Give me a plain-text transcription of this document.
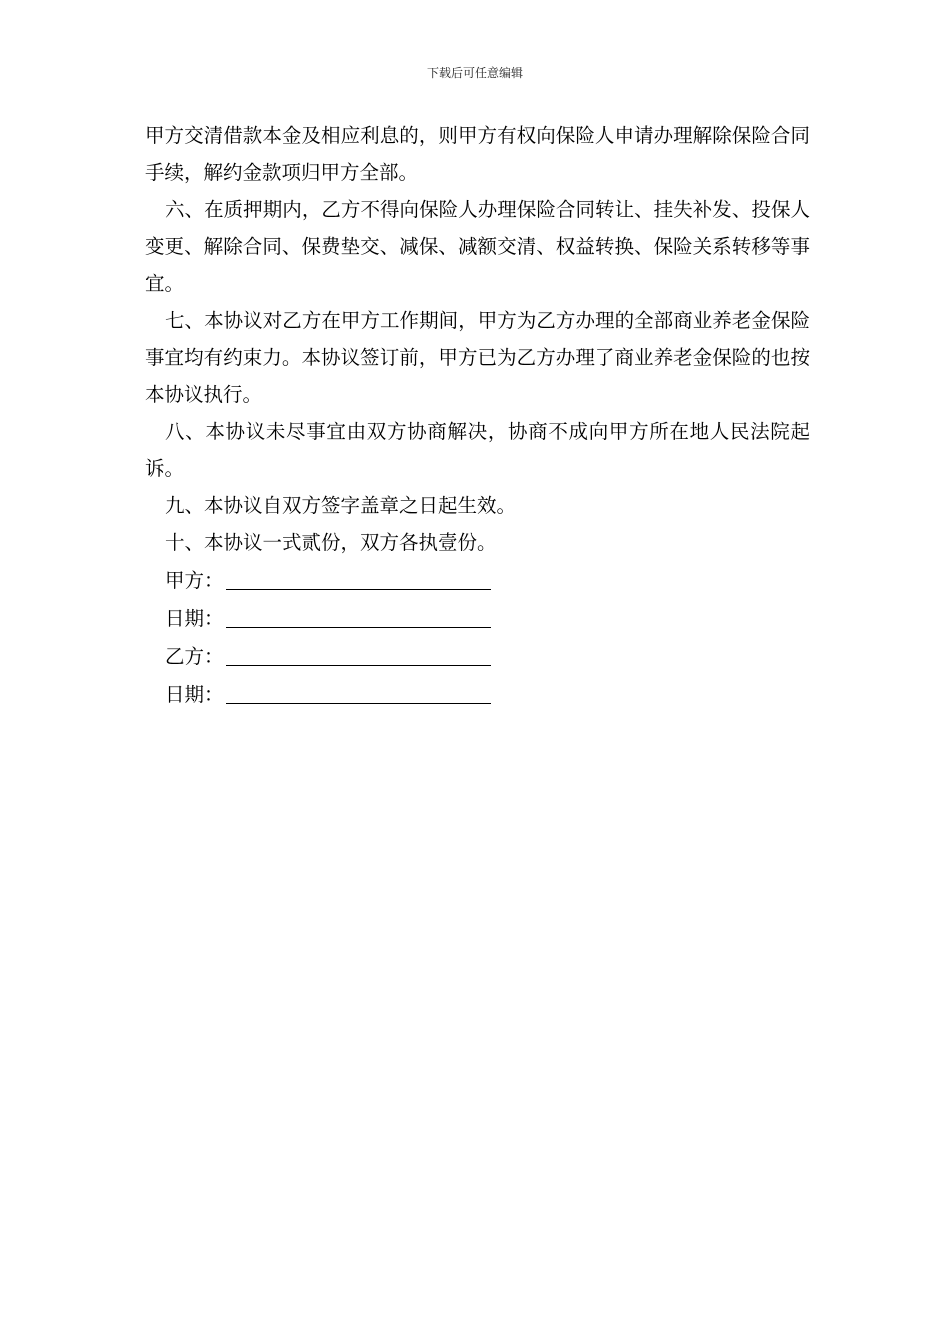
下载后可任意编辑

甲方交清借款本金及相应利息的，则甲方有权向保险人申请办理解除保险合同手续，解约金款项归甲方全部。

六、在质押期内，乙方不得向保险人办理保险合同转让、挂失补发、投保人变更、解除合同、保费垫交、减保、减额交清、权益转换、保险关系转移等事宜。

七、本协议对乙方在甲方工作期间，甲方为乙方办理的全部商业养老金保险事宜均有约束力。本协议签订前，甲方已为乙方办理了商业养老金保险的也按本协议执行。

八、本协议未尽事宜由双方协商解决，协商不成向甲方所在地人民法院起诉。

九、本协议自双方签字盖章之日起生效。

十、本协议一式贰份，双方各执壹份。

甲方：
日期：
乙方：
日期：
